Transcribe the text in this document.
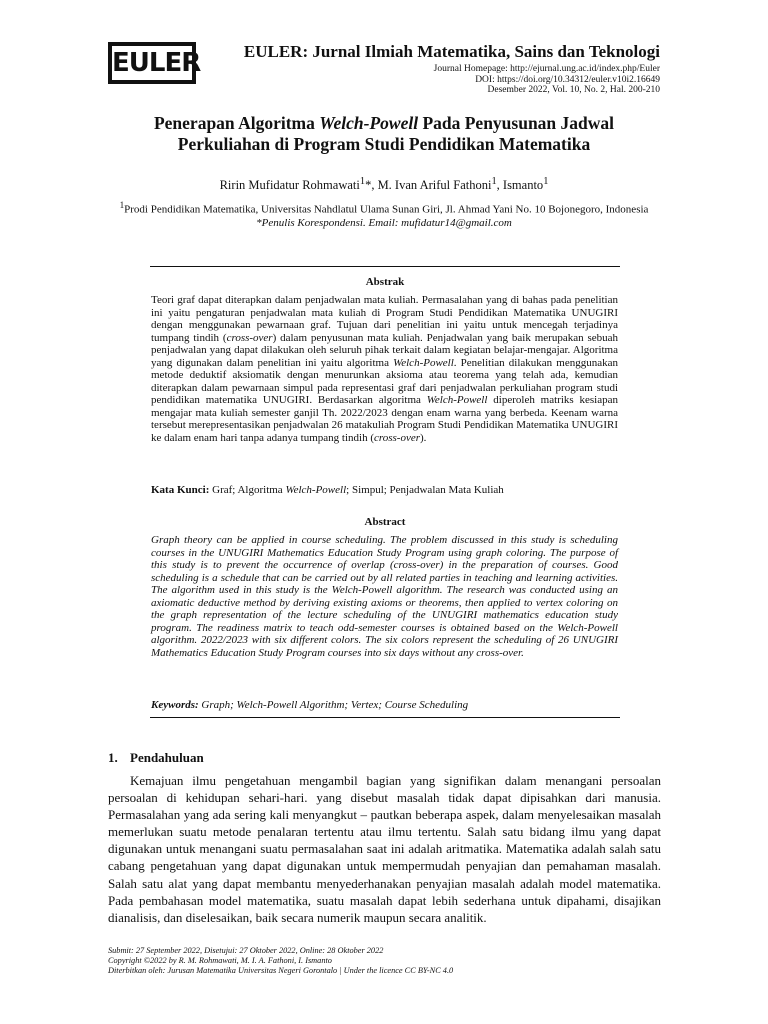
EULER	EULER: Jurnal Ilmiah Matematika, Sains dan Teknologi
Journal Homepage: http://ejurnal.ung.ac.id/index.php/Euler
DOI: https://doi.org/10.34312/euler.v10i2.16649
Desember 2022, Vol. 10, No. 2, Hal. 200-210
Penerapan Algoritma Welch-Powell Pada Penyusunan Jadwal Perkuliahan di Program Studi Pendidikan Matematika
Ririn Mufidatur Rohmawati$^1$*, M. Ivan Ariful Fathoni$^1$, Ismanto$^1$
$^1$Prodi Pendidikan Matematika, Universitas Nahdlatul Ulama Sunan Giri, Jl. Ahmad Yani No. 10 Bojonegoro, Indonesia
*Penulis Korespondensi. Email: mufidatur14@gmail.com
Abstrak
Teori graf dapat diterapkan dalam penjadwalan mata kuliah. Permasalahan yang di bahas pada penelitian ini yaitu pengaturan penjadwalan mata kuliah di Program Studi Pendidikan Matematika UNUGIRI dengan menggunakan pewarnaan graf. Tujuan dari penelitian ini yaitu untuk mencegah terjadinya tumpang tindih (cross-over) dalam penyusunan mata kuliah. Penjadwalan yang baik merupakan sebuah penjadwalan yang dapat dilakukan oleh seluruh pihak terkait dalam kegiatan belajar-mengajar. Algoritma yang digunakan dalam penelitian ini yaitu algoritma Welch-Powell. Penelitian dilakukan menggunakan metode deduktif aksiomatik dengan menurunkan aksioma atau teorema yang telah ada, kemudian diterapkan dalam pewarnaan simpul pada representasi graf dari penjadwalan perkuliahan program studi pendidikan matematika UNUGIRI. Berdasarkan algoritma Welch-Powell diperoleh matriks kesiapan mengajar mata kuliah semester ganjil Th. 2022/2023 dengan enam warna yang berbeda. Keenam warna tersebut merepresentasikan penjadwalan 26 matakuliah Program Studi Pendidikan Matematika UNUGIRI ke dalam enam hari tanpa adanya tumpang tindih (cross-over).
Kata Kunci: Graf; Algoritma Welch-Powell; Simpul; Penjadwalan Mata Kuliah
Abstract
Graph theory can be applied in course scheduling. The problem discussed in this study is scheduling courses in the UNUGIRI Mathematics Education Study Program using graph coloring. The purpose of this study is to prevent the occurrence of overlap (cross-over) in the preparation of courses. Good scheduling is a schedule that can be carried out by all related parties in teaching and learning activities. The algorithm used in this study is the Welch-Powell algorithm. The research was conducted using an axiomatic deductive method by deriving existing axioms or theorems, then applied to vertex coloring on the graph representation of the lecture scheduling of the UNUGIRI mathematics education study program. The readiness matrix to teach odd-semester courses is obtained based on the Welch-Powell algorithm. 2022/2023 with six different colors. The six colors represent the scheduling of 26 UNUGIRI Mathematics Education Study Program courses into six days without any cross-over.
Keywords: Graph; Welch-Powell Algorithm; Vertex; Course Scheduling
1. Pendahuluan

Kemajuan ilmu pengetahuan mengambil bagian yang signifikan dalam menangani persoalan persoalan di kehidupan sehari-hari. yang disebut masalah tidak dapat dipisahkan dari manusia. Permasalahan yang ada sering kali menyangkut – pautkan beberapa aspek, dalam menyelesaikan masalah memerlukan suatu metode penalaran tertentu atau ilmu tertentu. Salah satu bidang ilmu yang dapat digunakan untuk menangani suatu permasalahan saat ini adalah aritmatika. Matematika adalah salah satu cabang pengetahuan yang dapat digunakan untuk mempermudah penyajian dan pemahaman masalah. Salah satu alat yang dapat membantu menyederhanakan penyajian masalah adalah model matematika. Pada pembahasan model matematika, suatu masalah dapat lebih sederhana untuk dipahami, disajikan dianalisis, dan diselesaikan, baik secara numerik maupun secara analitik.

Submit: 27 September 2022, Disetujui: 27 Oktober 2022, Online: 28 Oktober 2022
Copyright ©2022 by R. M. Rohmawati, M. I. A. Fathoni, I. Ismanto
Diterbitkan oleh: Jurusan Matematika Universitas Negeri Gorontalo | Under the licence CC BY-NC 4.0
